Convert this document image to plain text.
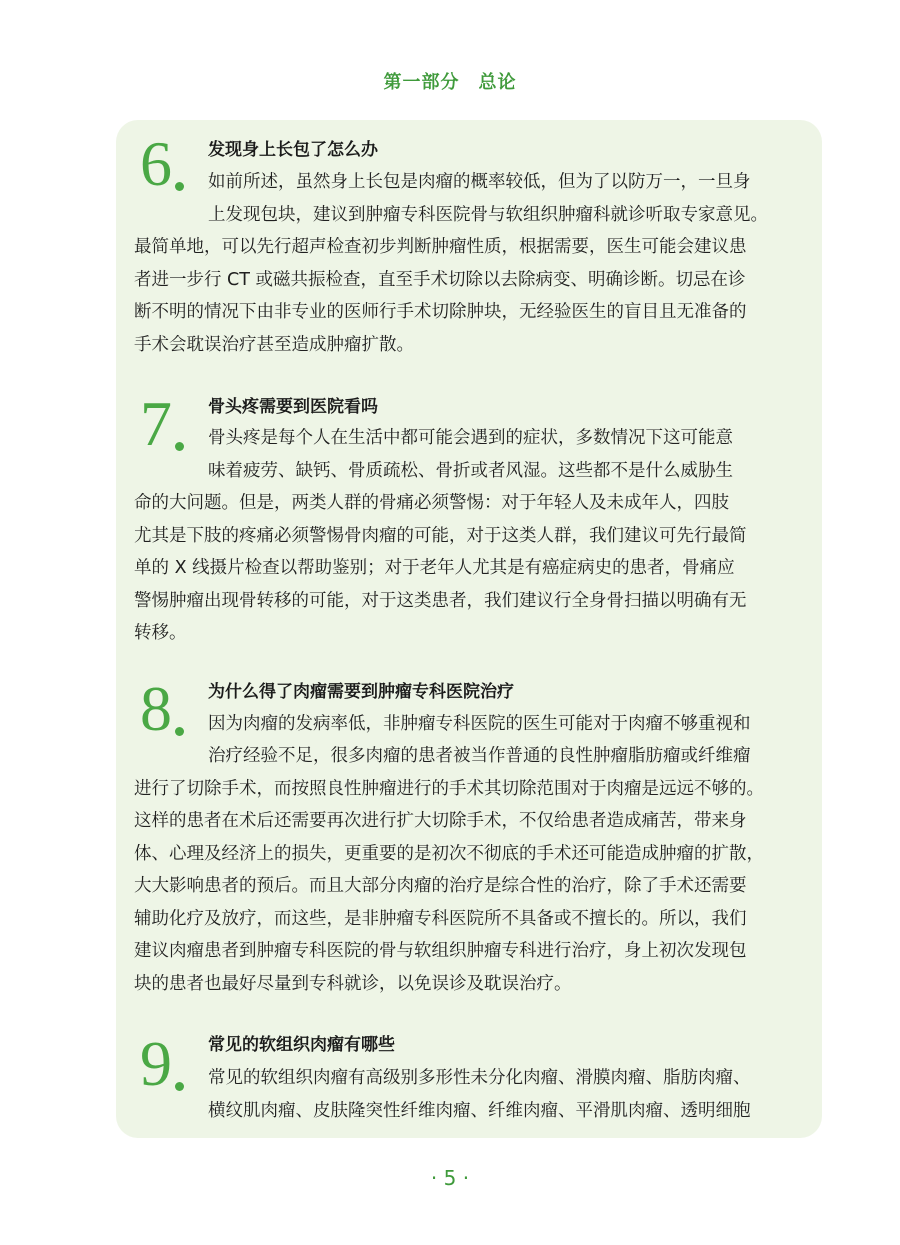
第一部分　总论
6 发现身上长包了怎么办
如前所述，虽然身上长包是肉瘤的概率较低，但为了以防万一，一旦身
上发现包块，建议到肿瘤专科医院骨与软组织肿瘤科就诊听取专家意见。
最简单地，可以先行超声检查初步判断肿瘤性质，根据需要，医生可能会建议患
者进一步行 CT 或磁共振检查，直至手术切除以去除病变、明确诊断。切忌在诊
断不明的情况下由非专业的医师行手术切除肿块，无经验医生的盲目且无准备的
手术会耽误治疗甚至造成肿瘤扩散。
7 骨头疼需要到医院看吗
骨头疼是每个人在生活中都可能会遇到的症状，多数情况下这可能意
味着疲劳、缺钙、骨质疏松、骨折或者风湿。这些都不是什么威胁生
命的大问题。但是，两类人群的骨痛必须警惕：对于年轻人及未成年人，四肢
尤其是下肢的疼痛必须警惕骨肉瘤的可能，对于这类人群，我们建议可先行最简
单的 X 线摄片检查以帮助鉴别；对于老年人尤其是有癌症病史的患者，骨痛应
警惕肿瘤出现骨转移的可能，对于这类患者，我们建议行全身骨扫描以明确有无
转移。
8 为什么得了肉瘤需要到肿瘤专科医院治疗
因为肉瘤的发病率低，非肿瘤专科医院的医生可能对于肉瘤不够重视和
治疗经验不足，很多肉瘤的患者被当作普通的良性肿瘤脂肪瘤或纤维瘤
进行了切除手术，而按照良性肿瘤进行的手术其切除范围对于肉瘤是远远不够的。
这样的患者在术后还需要再次进行扩大切除手术，不仅给患者造成痛苦，带来身
体、心理及经济上的损失，更重要的是初次不彻底的手术还可能造成肿瘤的扩散，
大大影响患者的预后。而且大部分肉瘤的治疗是综合性的治疗，除了手术还需要
辅助化疗及放疗，而这些，是非肿瘤专科医院所不具备或不擅长的。所以，我们
建议肉瘤患者到肿瘤专科医院的骨与软组织肿瘤专科进行治疗，身上初次发现包
块的患者也最好尽量到专科就诊，以免误诊及耽误治疗。
9 常见的软组织肉瘤有哪些
常见的软组织肉瘤有高级别多形性未分化肉瘤、滑膜肉瘤、脂肪肉瘤、
横纹肌肉瘤、皮肤隆突性纤维肉瘤、纤维肉瘤、平滑肌肉瘤、透明细胞
· 5 ·
